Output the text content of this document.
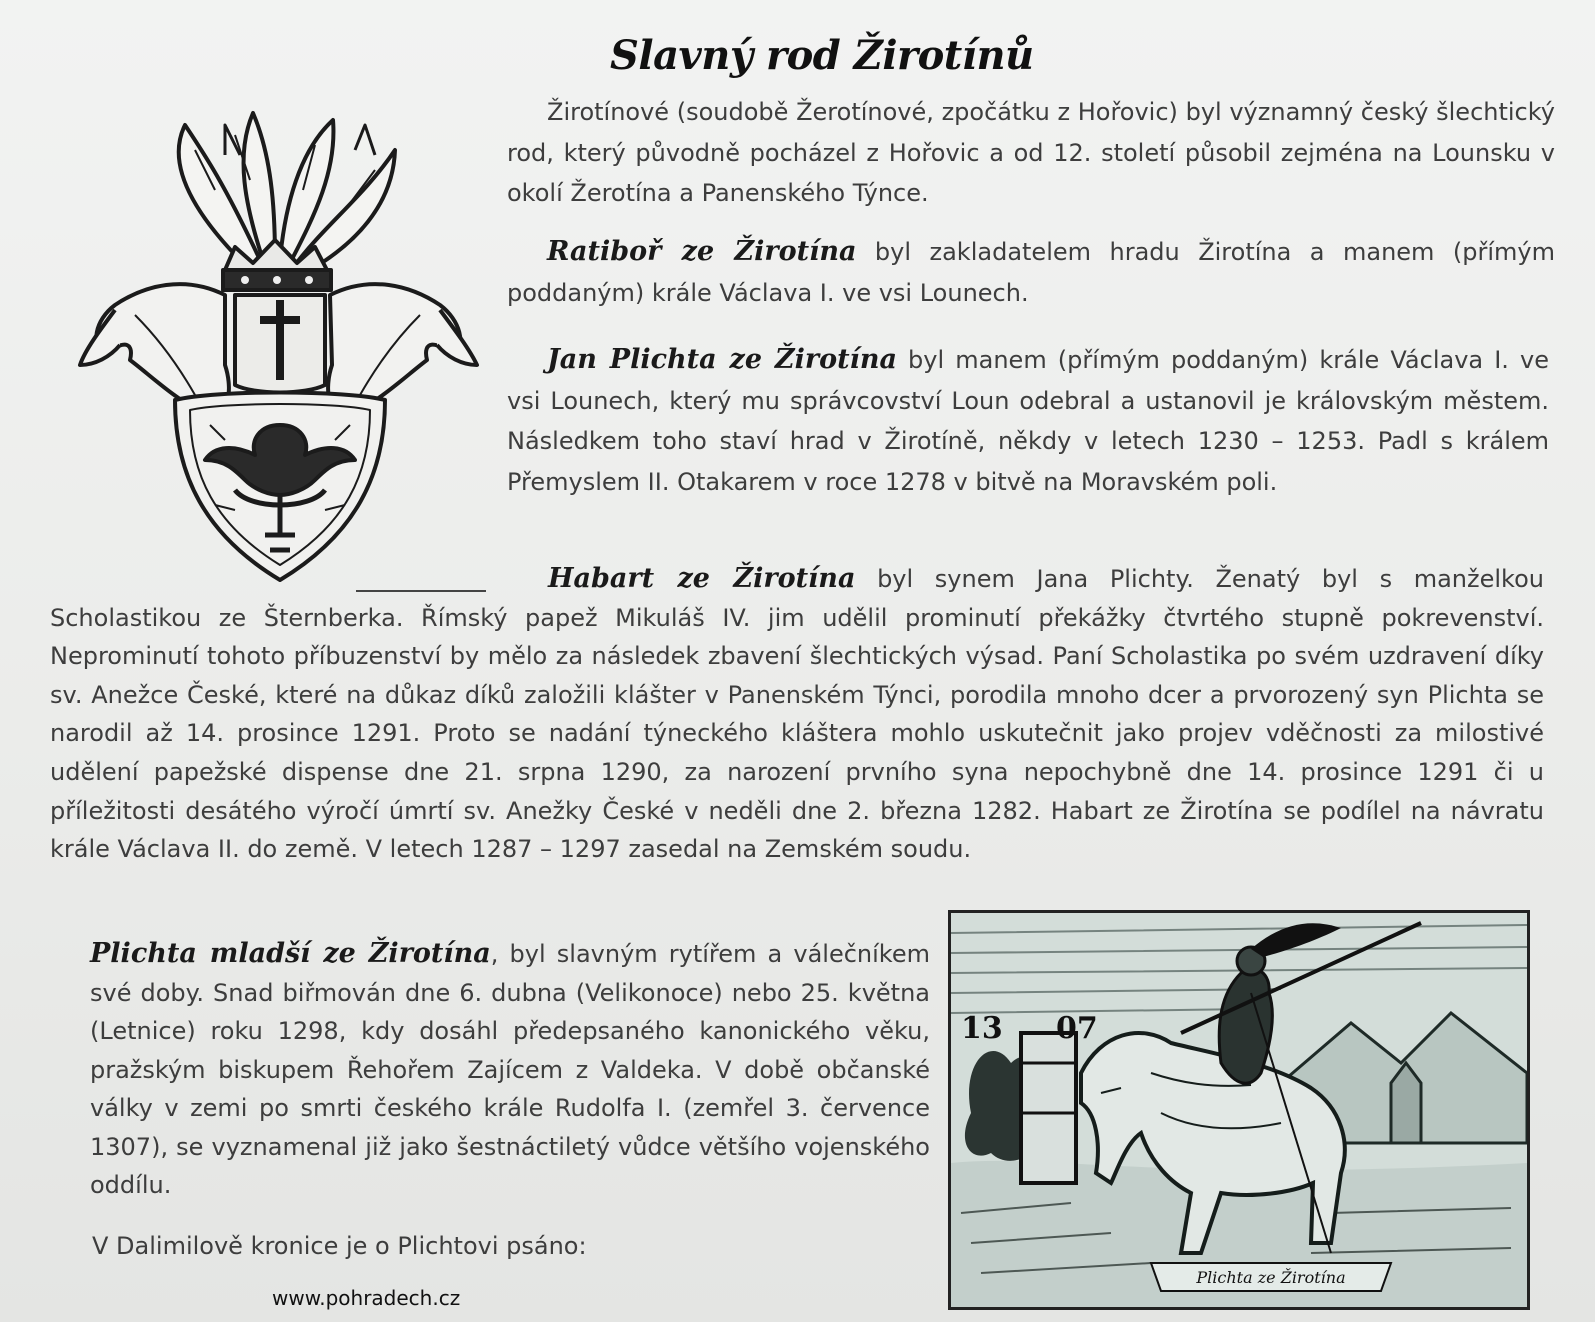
Slavný rod Žirotínů

Žirotínové (soudobě Žerotínové, zpočátku z Hořovic) byl významný český šlechtický rod, který původně pocházel z Hořovic a od 12. století působil zejména na Lounsku v okolí Žerotína a Panenského Týnce.

Ratiboř ze Žirotína byl zakladatelem hradu Žirotína a manem (přímým poddaným) krále Václava I. ve vsi Lounech.

Jan Plichta ze Žirotína byl manem (přímým poddaným) krále Václava I. ve vsi Lounech, který mu správcovství Loun odebral a ustanovil je královským městem. Následkem toho staví hrad v Žirotíně, někdy v letech 1230 – 1253. Padl s králem Přemyslem II. Otakarem v roce 1278 v bitvě na Moravském poli.

Habart ze Žirotína byl synem Jana Plichty. Ženatý byl s manželkou Scholastikou ze Šternberka. Římský papež Mikuláš IV. jim udělil prominutí překážky čtvrtého stupně pokrevenství. Neprominutí tohoto příbuzenství by mělo za následek zbavení šlechtických výsad. Paní Scholastika po svém uzdravení díky sv. Anežce České, které na důkaz díků založili klášter v Panenském Týnci, porodila mnoho dcer a prvorozený syn Plichta se narodil až 14. prosince 1291. Proto se nadání týneckého kláštera mohlo uskutečnit jako projev vděčnosti za milostivé udělení papežské dispense dne 21. srpna 1290, za narození prvního syna nepochybně dne 14. prosince 1291 či u příležitosti desátého výročí úmrtí sv. Anežky České v neděli dne 2. března 1282. Habart ze Žirotína se podílel na návratu krále Václava II. do země. V letech 1287 – 1297 zasedal na Zemském soudu.

Plichta mladší ze Žirotína, byl slavným rytířem a válečníkem své doby. Snad biřmován dne 6. dubna (Velikonoce) nebo 25. května (Letnice) roku 1298, kdy dosáhl předepsaného kanonického věku, pražským biskupem Řehořem Zajícem z Valdeka. V době občanské války v zemi po smrti českého krále Rudolfa I. (zemřel 3. července 1307), se vyznamenal již jako šestnáctiletý vůdce většího vojenského oddílu.

V Dalimilově kronice je o Plichtovi psáno:

13 07
Plichta ze Žirotína
www.pohradech.cz
